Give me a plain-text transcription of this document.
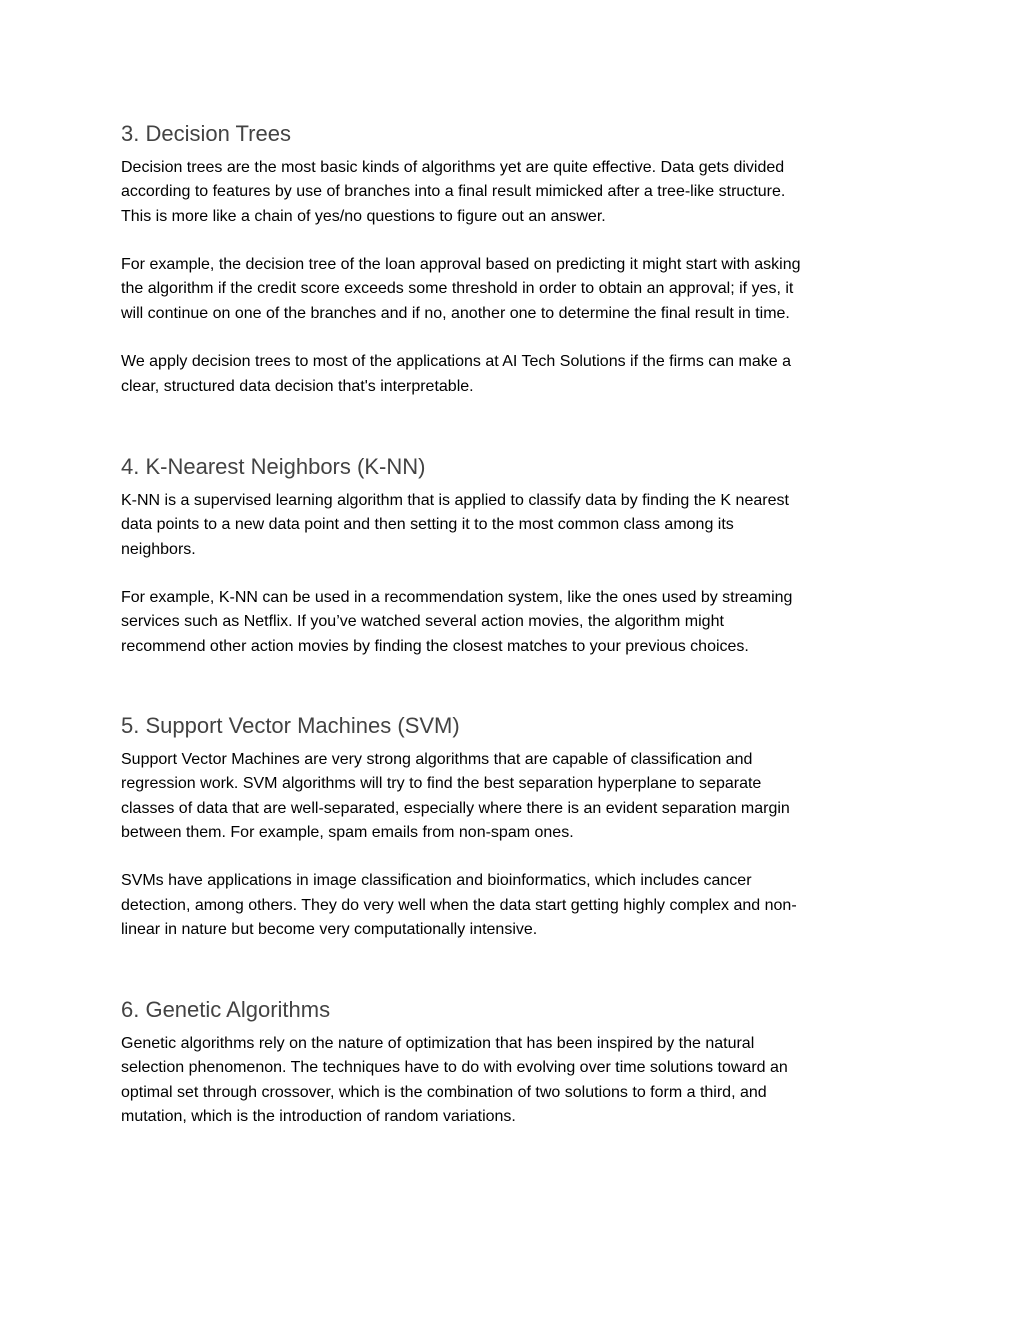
3. Decision Trees

Decision trees are the most basic kinds of algorithms yet are quite effective. Data gets divided
according to features by use of branches into a final result mimicked after a tree-like structure.
This is more like a chain of yes/no questions to figure out an answer.

For example, the decision tree of the loan approval based on predicting it might start with asking
the algorithm if the credit score exceeds some threshold in order to obtain an approval; if yes, it
will continue on one of the branches and if no, another one to determine the final result in time.

We apply decision trees to most of the applications at AI Tech Solutions if the firms can make a
clear, structured data decision that's interpretable.

4. K-Nearest Neighbors (K-NN)

K-NN is a supervised learning algorithm that is applied to classify data by finding the K nearest
data points to a new data point and then setting it to the most common class among its
neighbors.

For example, K-NN can be used in a recommendation system, like the ones used by streaming
services such as Netflix. If you’ve watched several action movies, the algorithm might
recommend other action movies by finding the closest matches to your previous choices.

5. Support Vector Machines (SVM)

Support Vector Machines are very strong algorithms that are capable of classification and
regression work. SVM algorithms will try to find the best separation hyperplane to separate
classes of data that are well-separated, especially where there is an evident separation margin
between them. For example, spam emails from non-spam ones.

SVMs have applications in image classification and bioinformatics, which includes cancer
detection, among others. They do very well when the data start getting highly complex and non-
linear in nature but become very computationally intensive.

6. Genetic Algorithms

Genetic algorithms rely on the nature of optimization that has been inspired by the natural
selection phenomenon. The techniques have to do with evolving over time solutions toward an
optimal set through crossover, which is the combination of two solutions to form a third, and
mutation, which is the introduction of random variations.
